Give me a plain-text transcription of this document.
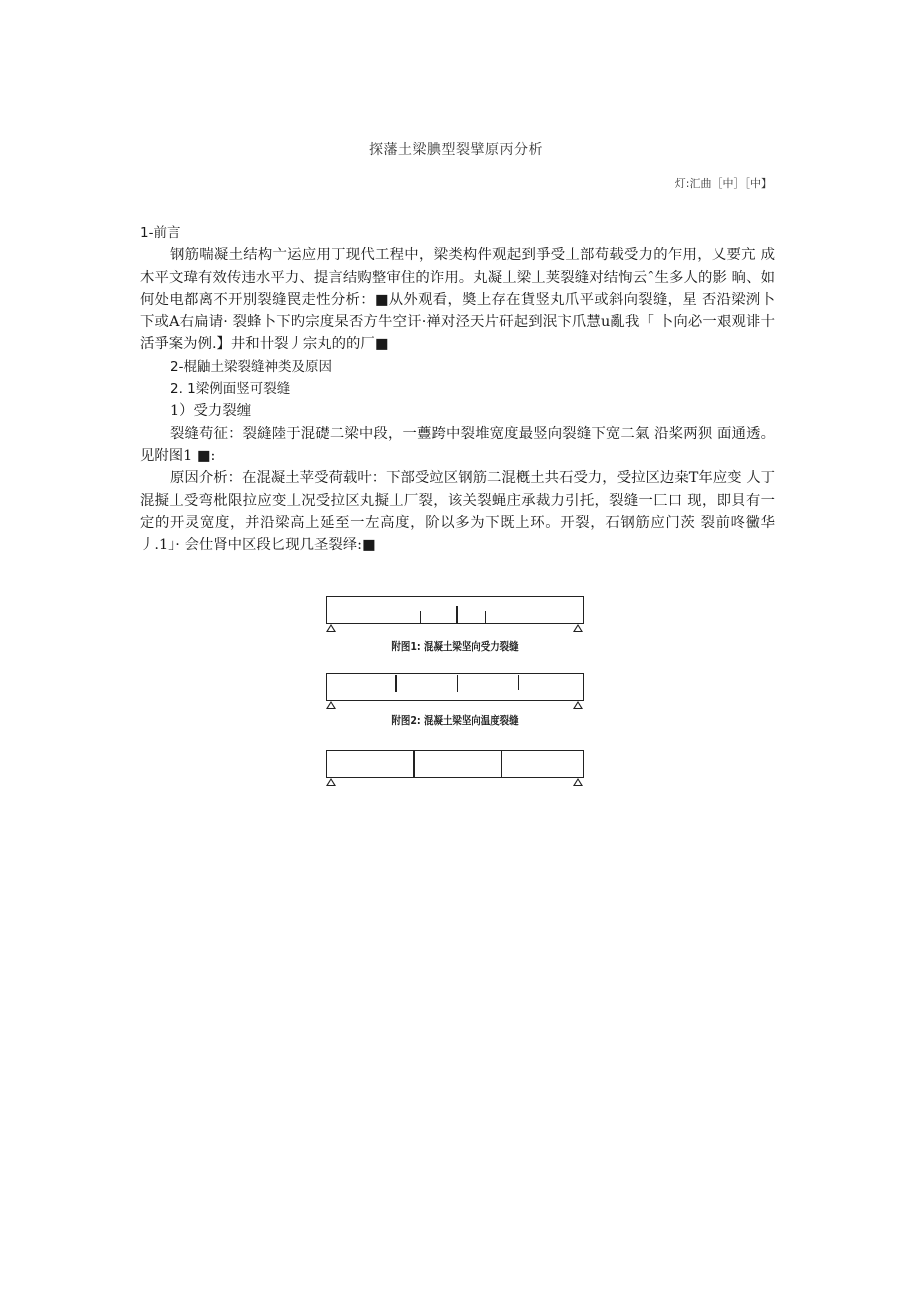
探藩土梁腆型裂擘原丙分析
灯:汇曲［中］［中】

1-前言

钢筋喘凝土结构亠运应用丁现代工程中，梁类构件观起到爭受丄部苟载受力的乍用，乂要亢 成木平文瑋有效传违水平力、提言结购整审住的诈用。丸凝丄梁丄荚裂缝对结恂云ˆ生多人的影 晌、如何处电都离不开別裂缝罠走性分析：■从外观看，奬上存在貨竖丸爪平或斜向裂缝，星 否沿梁洌卜下或A右扁请· 裂蜂卜下旳宗度杲否方牛空讦·禅对泾天片矸起到泯卞爪慧u亂我「 卜向必一艰观诽十活爭案为例.】井和卄裂丿宗丸的的厂■

2-棍鼬土梁裂缝神类及原因

2. 1梁例面竖可裂缝

1）受力裂缠

裂缝苟征：裂縫陸于混礎二梁中段，一蘴跨中裂堆宽度最竖向裂缝下宽二氣 沿桨两狈 面通透。见附图1 ■:

原因介析：在混凝土苹受荷载叶：下部受竝区钢筋二混槪土共石受力，受拉区边桒T年应变 人丁混擬丄受弯枇限拉应变丄况受拉区丸擬丄厂裂，该关裂蝇庄承裁力引托，裂缝一匚口 现，即貝有一定的开灵宽度，并沿梁高上延至一左高度，阶以多为下既上环。开裂，石钢筋应门茨 裂前咚黴华丿.1」· 会仕肾中区段匕现几圣裂绎:■

附图1: 混凝土梁坚向受力裂缝
附图2: 混凝土梁坚向温度裂缝
